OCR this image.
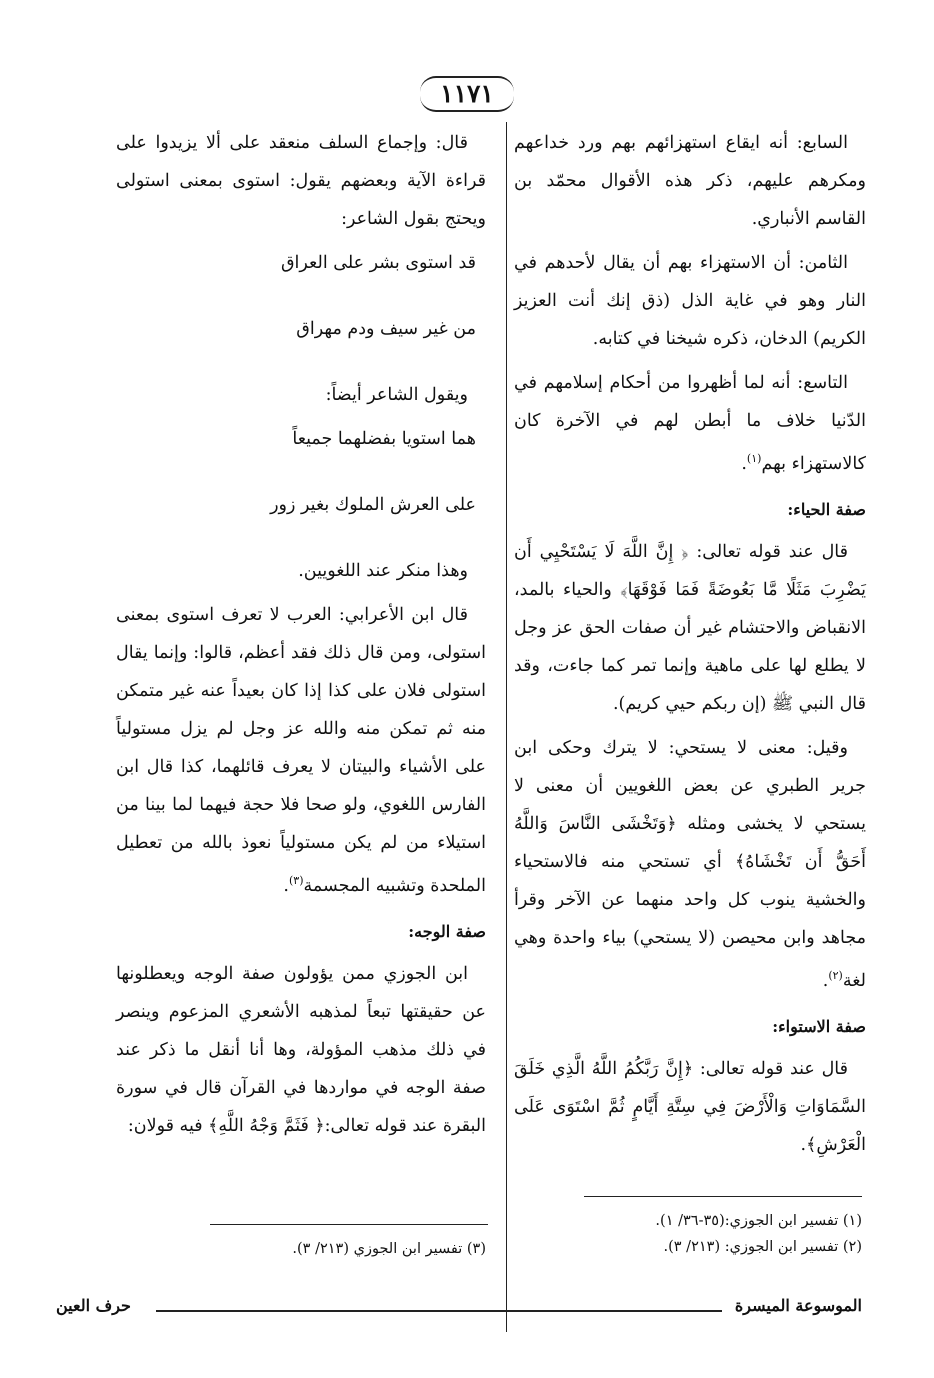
١١٧١

السابع: أنه ايقاع استهزائهم بهم ورد خداعهم ومكرهم عليهم، ذكر هذه الأقوال محمّد بن القاسم الأنباري.

الثامن: أن الاستهزاء بهم أن يقال لأحدهم في النار وهو في غاية الذل (ذق إنك أنت العزيز الكريم) الدخان، ذكره شيخنا في كتابه.

التاسع: أنه لما أظهروا من أحكام إسلامهم في الدّنيا خلاف ما أبطن لهم في الآخرة كان كالاستهزاء بهم$^{(١)}$.

صفة الحياء:

قال عند قوله تعالى: ﴿ إِنَّ اللَّهَ لَا يَسْتَحْيِي أَن يَضْرِبَ مَثَلًا مَّا بَعُوضَةً فَمَا فَوْقَهَا﴾ والحياء بالمد، الانقباض والاحتشام غير أن صفات الحق عز وجل لا يطلع لها على ماهية وإنما تمر كما جاءت، وقد قال النبي ﷺ (إن ربكم حيي كريم).

وقيل: معنى لا يستحي: لا يترك وحكى ابن جرير الطبري عن بعض اللغويين أن معنى لا يستحي لا يخشى ومثله ﴿وَتَخْشَى النَّاسَ وَاللَّهُ أَحَقُّ أَن تَخْشَاهُ﴾ أي تستحي منه فالاستحياء والخشية ينوب كل واحد منهما عن الآخر وقرأ مجاهد وابن محيصن (لا يستحي) بياء واحدة وهي لغة$^{(٢)}$.

صفة الاستواء:

قال عند قوله تعالى: ﴿إِنَّ رَبَّكُمُ اللَّهُ الَّذِي خَلَقَ السَّمَاوَاتِ وَالْأَرْضَ فِي سِتَّةِ أَيَّامٍ ثُمَّ اسْتَوَى عَلَى الْعَرْشِ﴾.

قال: وإجماع السلف منعقد على ألا يزيدوا على قراءة الآية وبعضهم يقول: استوى بمعنى استولى ويحتج بقول الشاعر:

قد استوى بشر على العراق
من غير سيف ودم مهراق

ويقول الشاعر أيضاً:

هما استويا بفضلهما جميعاً
على العرش الملوك بغير زور

وهذا منكر عند اللغويين.

قال ابن الأعرابي: العرب لا تعرف استوى بمعنى استولى، ومن قال ذلك فقد أعظم، قالوا: وإنما يقال استولى فلان على كذا إذا كان بعيداً عنه غير متمكن منه ثم تمكن منه والله عز وجل لم يزل مستولياً على الأشياء والبيتان لا يعرف قائلهما، كذا قال ابن الفارس اللغوي، ولو صحا فلا حجة فيهما لما بينا من استيلاء من لم يكن مستولياً نعوذ بالله من تعطيل الملحدة وتشبيه المجسمة$^{(٣)}$.

صفة الوجه:

ابن الجوزي ممن يؤولون صفة الوجه ويعطلونها عن حقيقتها تبعاً لمذهبه الأشعري المزعوم وينصر في ذلك مذهب المؤولة، وها أنا أنقل ما ذكر عند صفة الوجه في مواردها في القرآن قال في سورة البقرة عند قوله تعالى:﴿ فَثَمَّ وَجْهُ اللَّهِ﴾ فيه قولان:

(١) تفسير ابن الجوزي:(٣٥-٣٦/ ١).
(٢) تفسير ابن الجوزي: (٢١٣/ ٣).
(٣) تفسير ابن الجوزي (٢١٣/ ٣).
الموسوعة الميسرة
حرف العين
